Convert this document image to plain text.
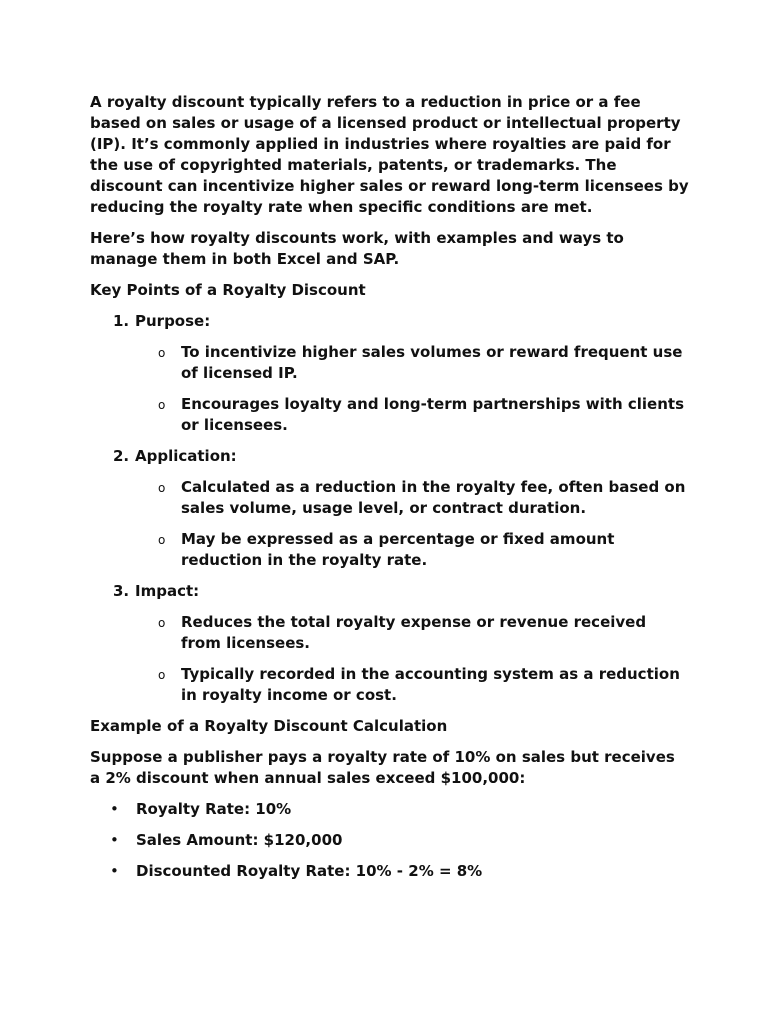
A royalty discount typically refers to a reduction in price or a fee based on sales or usage of a licensed product or intellectual property (IP). It’s commonly applied in industries where royalties are paid for the use of copyrighted materials, patents, or trademarks. The discount can incentivize higher sales or reward long-term licensees by reducing the royalty rate when specific conditions are met.

Here’s how royalty discounts work, with examples and ways to manage them in both Excel and SAP.

Key Points of a Royalty Discount

1. Purpose:
o To incentivize higher sales volumes or reward frequent use of licensed IP.
o Encourages loyalty and long-term partnerships with clients or licensees.
2. Application:
o Calculated as a reduction in the royalty fee, often based on sales volume, usage level, or contract duration.
o May be expressed as a percentage or fixed amount reduction in the royalty rate.
3. Impact:
o Reduces the total royalty expense or revenue received from licensees.
o Typically recorded in the accounting system as a reduction in royalty income or cost.

Example of a Royalty Discount Calculation

Suppose a publisher pays a royalty rate of 10% on sales but receives a 2% discount when annual sales exceed $100,000:

• Royalty Rate: 10%
• Sales Amount: $120,000
• Discounted Royalty Rate: 10% - 2% = 8%
